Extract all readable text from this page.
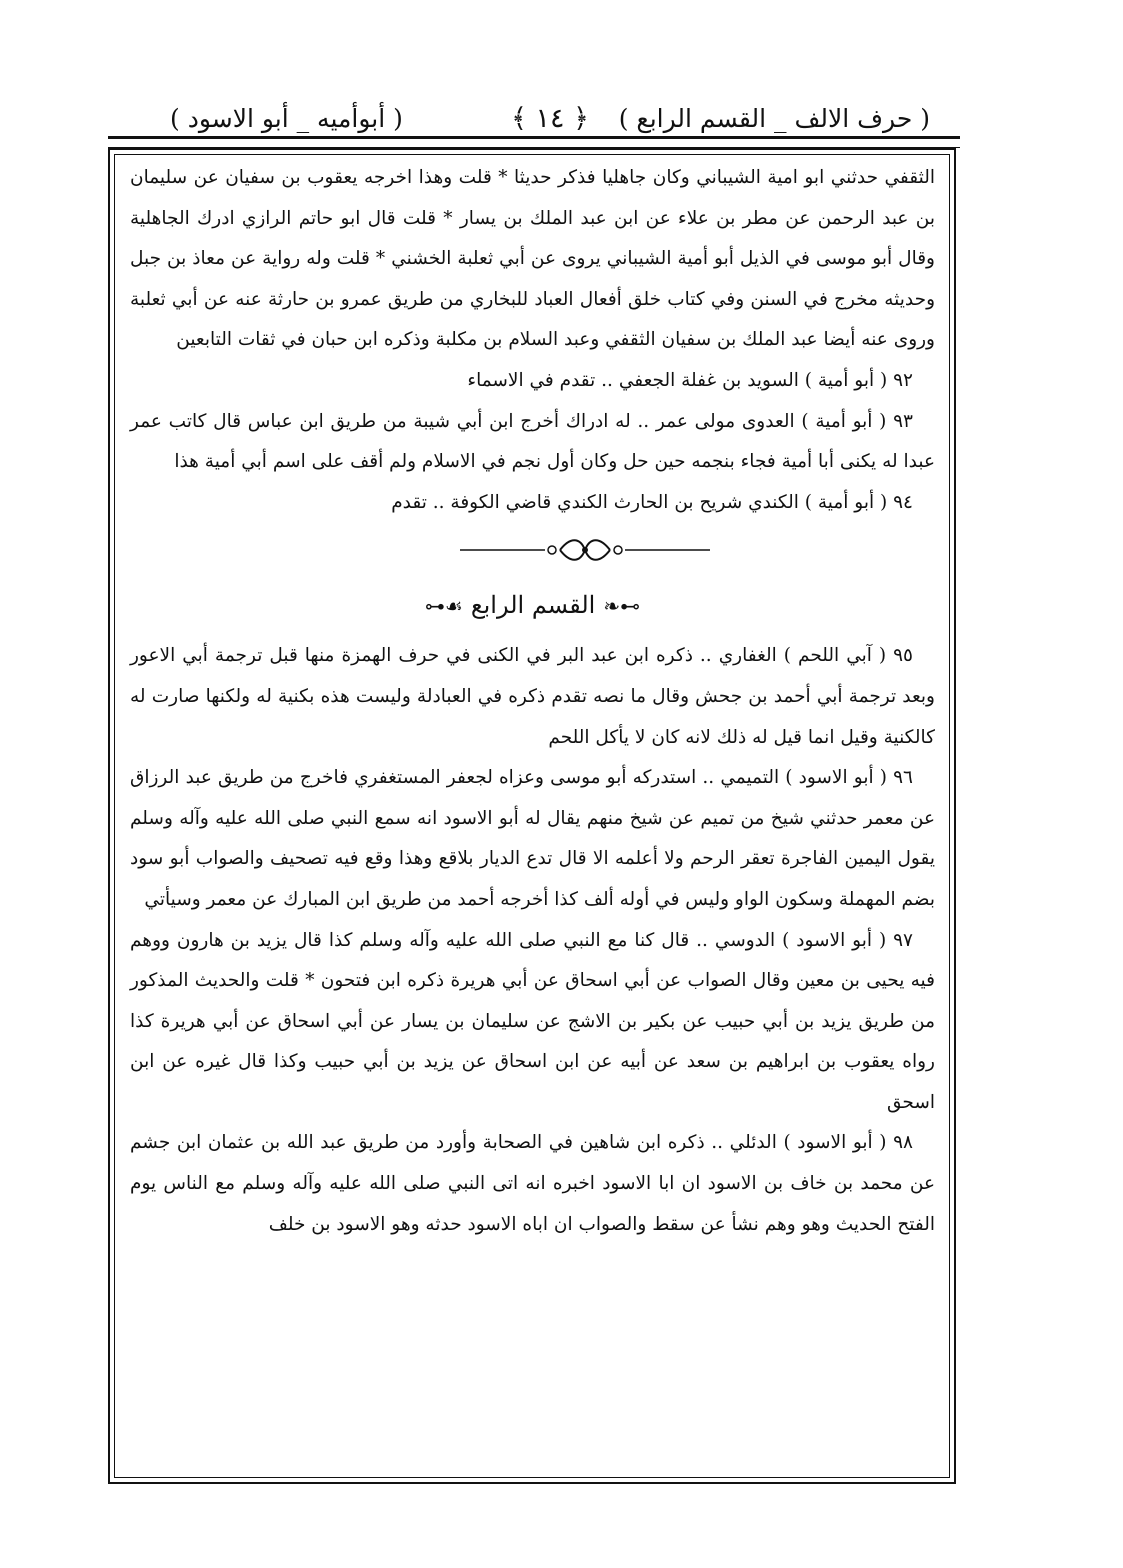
( حرف الالف _ القسم الرابع )
﴿ ١٤ ﴾
( أبوأميه _ أبو الاسود )

الثقفي حدثني ابو امية الشيباني وكان جاهليا فذكر حديثا * قلت وهذا اخرجه يعقوب بن سفيان عن سليمان بن عبد الرحمن عن مطر بن علاء عن ابن عبد الملك بن يسار * قلت قال ابو حاتم الرازي ادرك الجاهلية وقال أبو موسى في الذيل أبو أمية الشيباني يروى عن أبي ثعلبة الخشني * قلت وله رواية عن معاذ بن جبل وحديثه مخرج في السنن وفي كتاب خلق أفعال العباد للبخاري من طريق عمرو بن حارثة عنه عن أبي ثعلبة وروى عنه أيضا عبد الملك بن سفيان الثقفي وعبد السلام بن مكلبة وذكره ابن حبان في ثقات التابعين

٩٢ ( أبو أمية ) السويد بن غفلة الجعفي .. تقدم في الاسماء

٩٣ ( أبو أمية ) العدوى مولى عمر .. له ادراك أخرج ابن أبي شيبة من طريق ابن عباس قال كاتب عمر عبدا له يكنى أبا أمية فجاء بنجمه حين حل وكان أول نجم في الاسلام ولم أقف على اسم أبي أمية هذا

٩٤ ( أبو أمية ) الكندي شريح بن الحارث الكندي قاضي الكوفة .. تقدم

⊶❧القسم الرابع☙⊷

٩٥ ( آبي اللحم ) الغفاري .. ذكره ابن عبد البر في الكنى في حرف الهمزة منها قبل ترجمة أبي الاعور وبعد ترجمة أبي أحمد بن جحش وقال ما نصه تقدم ذكره في العبادلة وليست هذه بكنية له ولكنها صارت له كالكنية وقيل انما قيل له ذلك لانه كان لا يأكل اللحم

٩٦ ( أبو الاسود ) التميمي .. استدركه أبو موسى وعزاه لجعفر المستغفري فاخرج من طريق عبد الرزاق عن معمر حدثني شيخ من تميم عن شيخ منهم يقال له أبو الاسود انه سمع النبي صلى الله عليه وآله وسلم يقول اليمين الفاجرة تعقر الرحم ولا أعلمه الا قال تدع الديار بلاقع وهذا وقع فيه تصحيف والصواب أبو سود بضم المهملة وسكون الواو وليس في أوله ألف كذا أخرجه أحمد من طريق ابن المبارك عن معمر وسيأتي

٩٧ ( أبو الاسود ) الدوسي .. قال كنا مع النبي صلى الله عليه وآله وسلم كذا قال يزيد بن هارون ووهم فيه يحيى بن معين وقال الصواب عن أبي اسحاق عن أبي هريرة ذكره ابن فتحون * قلت والحديث المذكور من طريق يزيد بن أبي حبيب عن بكير بن الاشج عن سليمان بن يسار عن أبي اسحاق عن أبي هريرة كذا رواه يعقوب بن ابراهيم بن سعد عن أبيه عن ابن اسحاق عن يزيد بن أبي حبيب وكذا قال غيره عن ابن اسحق

٩٨ ( أبو الاسود ) الدئلي .. ذكره ابن شاهين في الصحابة وأورد من طريق عبد الله بن عثمان ابن جشم عن محمد بن خاف بن الاسود ان ابا الاسود اخبره انه اتى النبي صلى الله عليه وآله وسلم مع الناس يوم الفتح الحديث وهو وهم نشأ عن سقط والصواب ان اباه الاسود حدثه وهو الاسود بن خلف
